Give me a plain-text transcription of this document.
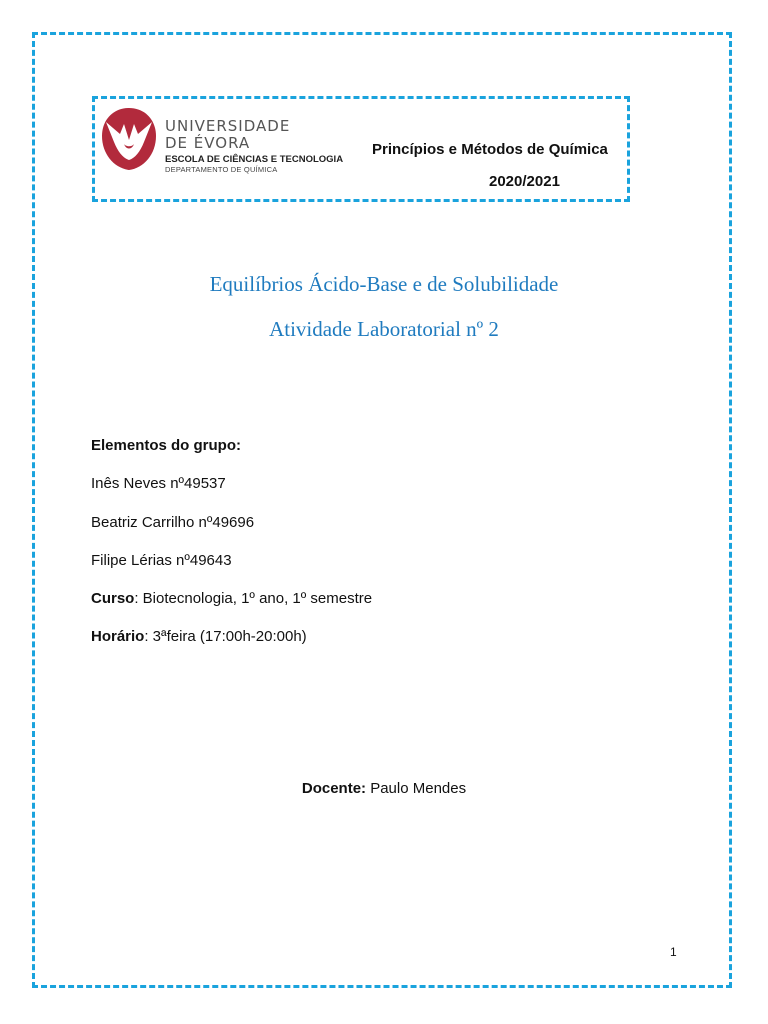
UNIVERSIDADE
DE ÉVORA
ESCOLA DE CIÊNCIAS E TECNOLOGIA
DEPARTAMENTO DE QUÍMICA
Princípios e Métodos de Química
2020/2021
Equilíbrios Ácido-Base e de Solubilidade
Atividade Laboratorial nº 2
Elementos do grupo:
Inês Neves nº49537
Beatriz Carrilho nº49696
Filipe Lérias nº49643
Curso: Biotecnologia, 1º ano, 1º semestre
Horário: 3ªfeira (17:00h-20:00h)
Docente: Paulo Mendes
1
